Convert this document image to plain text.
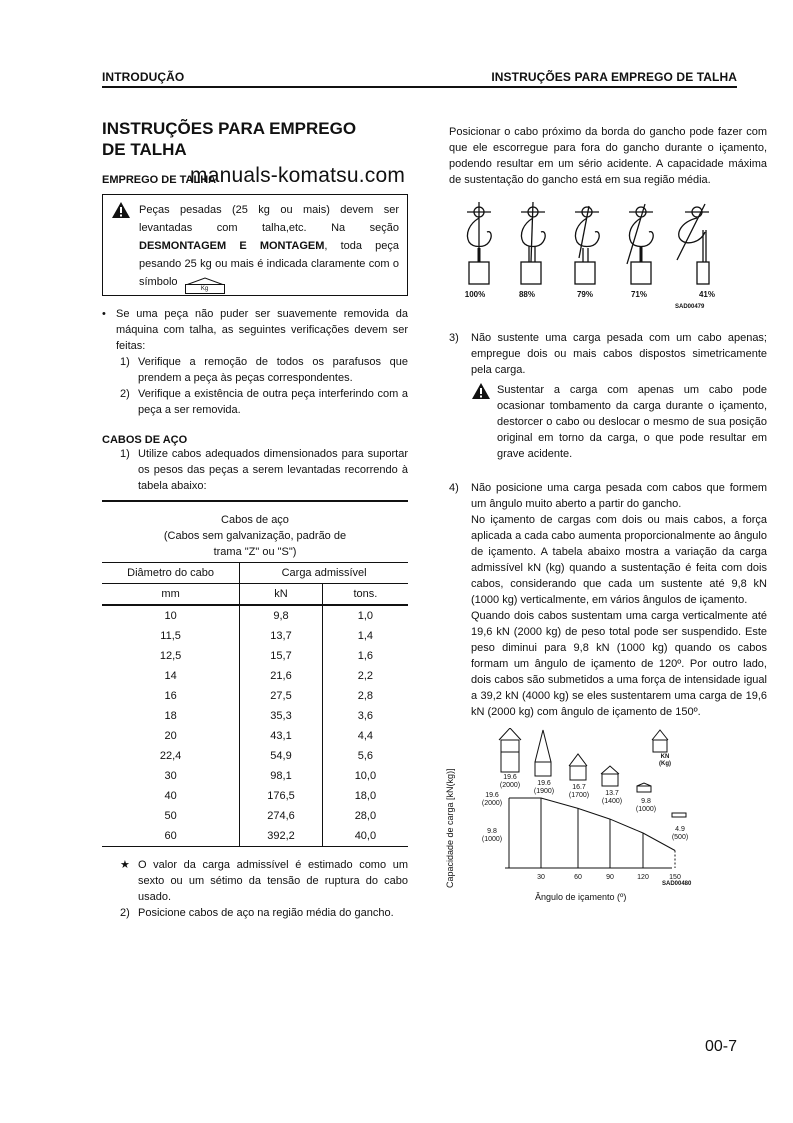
INTRODUÇÃO	INSTRUÇÕES PARA EMPREGO DE TALHA
manuals-komatsu.com
INSTRUÇÕES PARA EMPREGO
DE TALHA
EMPREGO DE TALHA
Peças pesadas (25 kg ou mais) devem ser levantadas com talha,etc. Na seção DESMONTAGEM E MONTAGEM, toda peça pesando 25 kg ou mais é indicada claramente com o símbolo
Kg
• Se uma peça não puder ser suavemente removida da máquina com talha, as seguintes verificações devem ser feitas:
1) Verifique a remoção de todos os parafusos que prendem a peça às peças correspondentes.
2) Verifique a existência de outra peça interferindo com a peça a ser removida.
CABOS DE AÇO
1) Utilize cabos adequados dimensionados para suportar os pesos das peças a serem levantadas recorrendo à tabela abaixo:
Cabos de aço
(Cabos sem galvanização, padrão de
trama "Z" ou "S")
Diâmetro do cabo	Carga admissível	
mm	kN	tons.
10	9,8	1,0
11,5	13,7	1,4
12,5	15,7	1,6
14	21,6	2,2
16	27,5	2,8
18	35,3	3,6
20	43,1	4,4
22,4	54,9	5,6
30	98,1	10,0
40	176,5	18,0
50	274,6	28,0
60	392,2	40,0
★ O valor da carga admissível é estimado como um sexto ou um sétimo da tensão de ruptura do cabo usado.
2) Posicione cabos de aço na região média do gancho.
Posicionar o cabo próximo da borda do gancho pode fazer com que ele escorregue para fora do gancho durante o içamento, podendo resultar em um sério acidente. A capacidade máxima de sustentação do gancho está em sua região média.
100%	88%	79%	71%	41%
SAD00479
3)	Não sustente uma carga pesada com um cabo apenas; empregue dois ou mais cabos dispostos simetricamente pela carga.
Sustentar a carga com apenas um cabo pode ocasionar tombamento da carga durante o içamento, destorcer o cabo ou deslocar o mesmo de sua posição original em torno da carga, o que pode resultar em grave acidente.
4)	Não posicione uma carga pesada com cabos que formem um ângulo muito aberto a partir do gancho.
No içamento de cargas com dois ou mais cabos, a força aplicada a cada cabo aumenta proporcionalmente ao ângulo de içamento. A tabela abaixo mostra a variação da carga admissível kN (kg) quando a sustentação é feita com dois cabos, considerando que cada um sustente até 9,8 kN (1000 kg) verticalmente, em vários ângulos de içamento.
Quando dois cabos sustentam uma carga verticalmente até 19,6 kN (2000 kg) de peso total pode ser suspendido. Este peso diminui para 9,8 kN (1000 kg) quando os cabos formam um ângulo de içamento de 120º. Por outro lado, dois cabos são submetidos a uma força de intensidade igual a 39,2 kN (4000 kg) se eles sustentarem uma carga de 19,6 kN (2000 kg) com ângulo de içamento de 150º.
19.6
(2000)	19.6
(1900)
16.7
(1700)	13.7
(1400)	9.8
(1000)
4.9
(500)
19.6
(2000)
9.8
(1000)
30	60	90	120	150
Capacidade de carga [kN(kg)]
Ângulo de içamento (º)
KN
(Kg)
SAD00480
00-7
